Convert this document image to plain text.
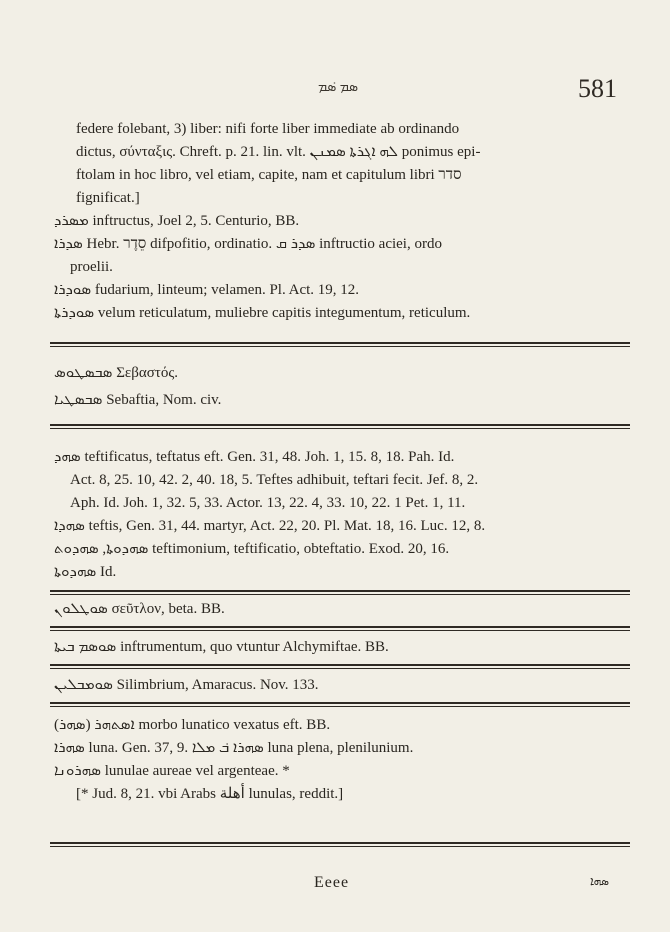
ܣܡ ܣ݁ܡ	581
federe folebant, 3) liber: nifi forte liber immediate ab ordinando
dictus, σύνταξις. Chreft. p. 21. lin. vlt. ܠܗ ܐܓܪܬܐ ܣܡܢܢ ponimus epi-
ftolam in hoc libro, vel etiam, capite, nam et capitulum libri סדר
fignificat.]
ܡܣܪܕ inftructus, Joel 2, 5. Centurio, BB.
ܣܕܪܐ Hebr. סֵדֶר difpofitio, ordinatio. ܣܕܪ ܩ inftructio aciei, ordo
proelii.
ܣܘܕܪܐ fudarium, linteum; velamen. Pl. Act. 19, 12.
ܣܘܕܪܬܐ velum reticulatum, muliebre capitis integumentum, reticulum.
ܣܒܣܛܘܣ Σεβαστός.
ܣܒܣܛܝܐ Sebaftia, Nom. civ.
ܣܗܕ teftificatus, teftatus eft. Gen. 31, 48. Joh. 1, 15. 8, 18. Pah. Id.
Act. 8, 25. 10, 42. 2, 40. 18, 5. Teftes adhibuit, teftari fecit. Jef. 8, 2.
Aph. Id. Joh. 1, 32. 5, 33. Actor. 13, 22. 4, 33. 10, 22. 1 Pet. 1, 11.
ܣܗܕܐ teftis, Gen. 31, 44. martyr, Act. 22, 20. Pl. Mat. 18, 16. Luc. 12, 8.
ܣܗܕܘܬܐ, ܣܗܕܘܬ teftimonium, teftificatio, obteftatio. Exod. 20, 16.
ܣܗܕܘܬܐ Id.
ܣܘܛܠܘܢ σεῦτλον, beta. BB.
ܣܘܣܡ ܒܝܬܐ inftrumentum, quo vtuntur Alchymiftae. BB.
ܣܘܡܒܠܝܢ Silimbrium, Amaracus. Nov. 133.
(ܣܗܪ) ܐܣܬܗܪ morbo lunatico vexatus eft. BB.
ܣܗܪܐ luna. Gen. 37, 9. ܣܗܪܐ ܒ݁ ܡܠܐ luna plena, plenilunium.
ܣܗܪܘܢܐ lunulae aureae vel argenteae. *
[* Jud. 8, 21. vbi Arabs أهلة lunulas, reddit.]
Eeee	ܣܗܐ
